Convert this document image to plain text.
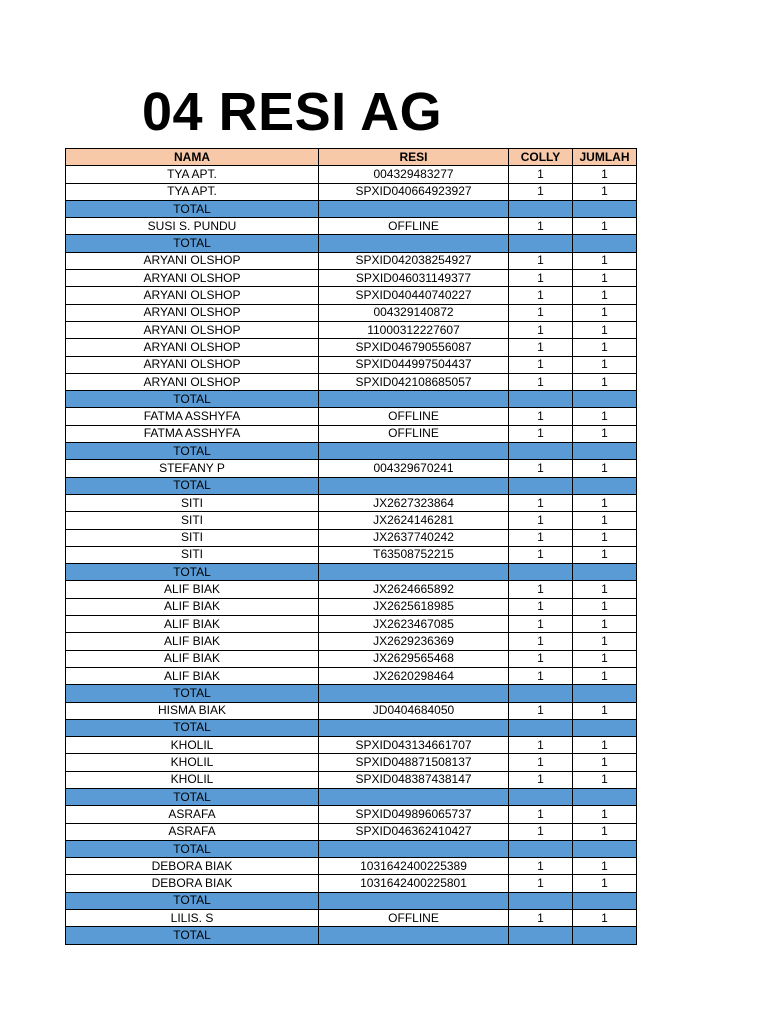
04 RESI AG
NAMA	RESI	COLLY	JUMLAH
TYA APT.	004329483277	1	1
TYA APT.	SPXID040664923927	1	1
TOTAL			
SUSI S. PUNDU	OFFLINE	1	1
TOTAL			
ARYANI OLSHOP	SPXID042038254927	1	1
ARYANI OLSHOP	SPXID046031149377	1	1
ARYANI OLSHOP	SPXID040440740227	1	1
ARYANI OLSHOP	004329140872	1	1
ARYANI OLSHOP	11000312227607	1	1
ARYANI OLSHOP	SPXID046790556087	1	1
ARYANI OLSHOP	SPXID044997504437	1	1
ARYANI OLSHOP	SPXID042108685057	1	1
TOTAL			
FATMA ASSHYFA	OFFLINE	1	1
FATMA ASSHYFA	OFFLINE	1	1
TOTAL			
STEFANY P	004329670241	1	1
TOTAL			
SITI	JX2627323864	1	1
SITI	JX2624146281	1	1
SITI	JX2637740242	1	1
SITI	T63508752215	1	1
TOTAL			
ALIF BIAK	JX2624665892	1	1
ALIF BIAK	JX2625618985	1	1
ALIF BIAK	JX2623467085	1	1
ALIF BIAK	JX2629236369	1	1
ALIF BIAK	JX2629565468	1	1
ALIF BIAK	JX2620298464	1	1
TOTAL			
HISMA BIAK	JD0404684050	1	1
TOTAL			
KHOLIL	SPXID043134661707	1	1
KHOLIL	SPXID048871508137	1	1
KHOLIL	SPXID048387438147	1	1
TOTAL			
ASRAFA	SPXID049896065737	1	1
ASRAFA	SPXID046362410427	1	1
TOTAL			
DEBORA BIAK	1031642400225389	1	1
DEBORA BIAK	1031642400225801	1	1
TOTAL			
LILIS. S	OFFLINE	1	1
TOTAL			
